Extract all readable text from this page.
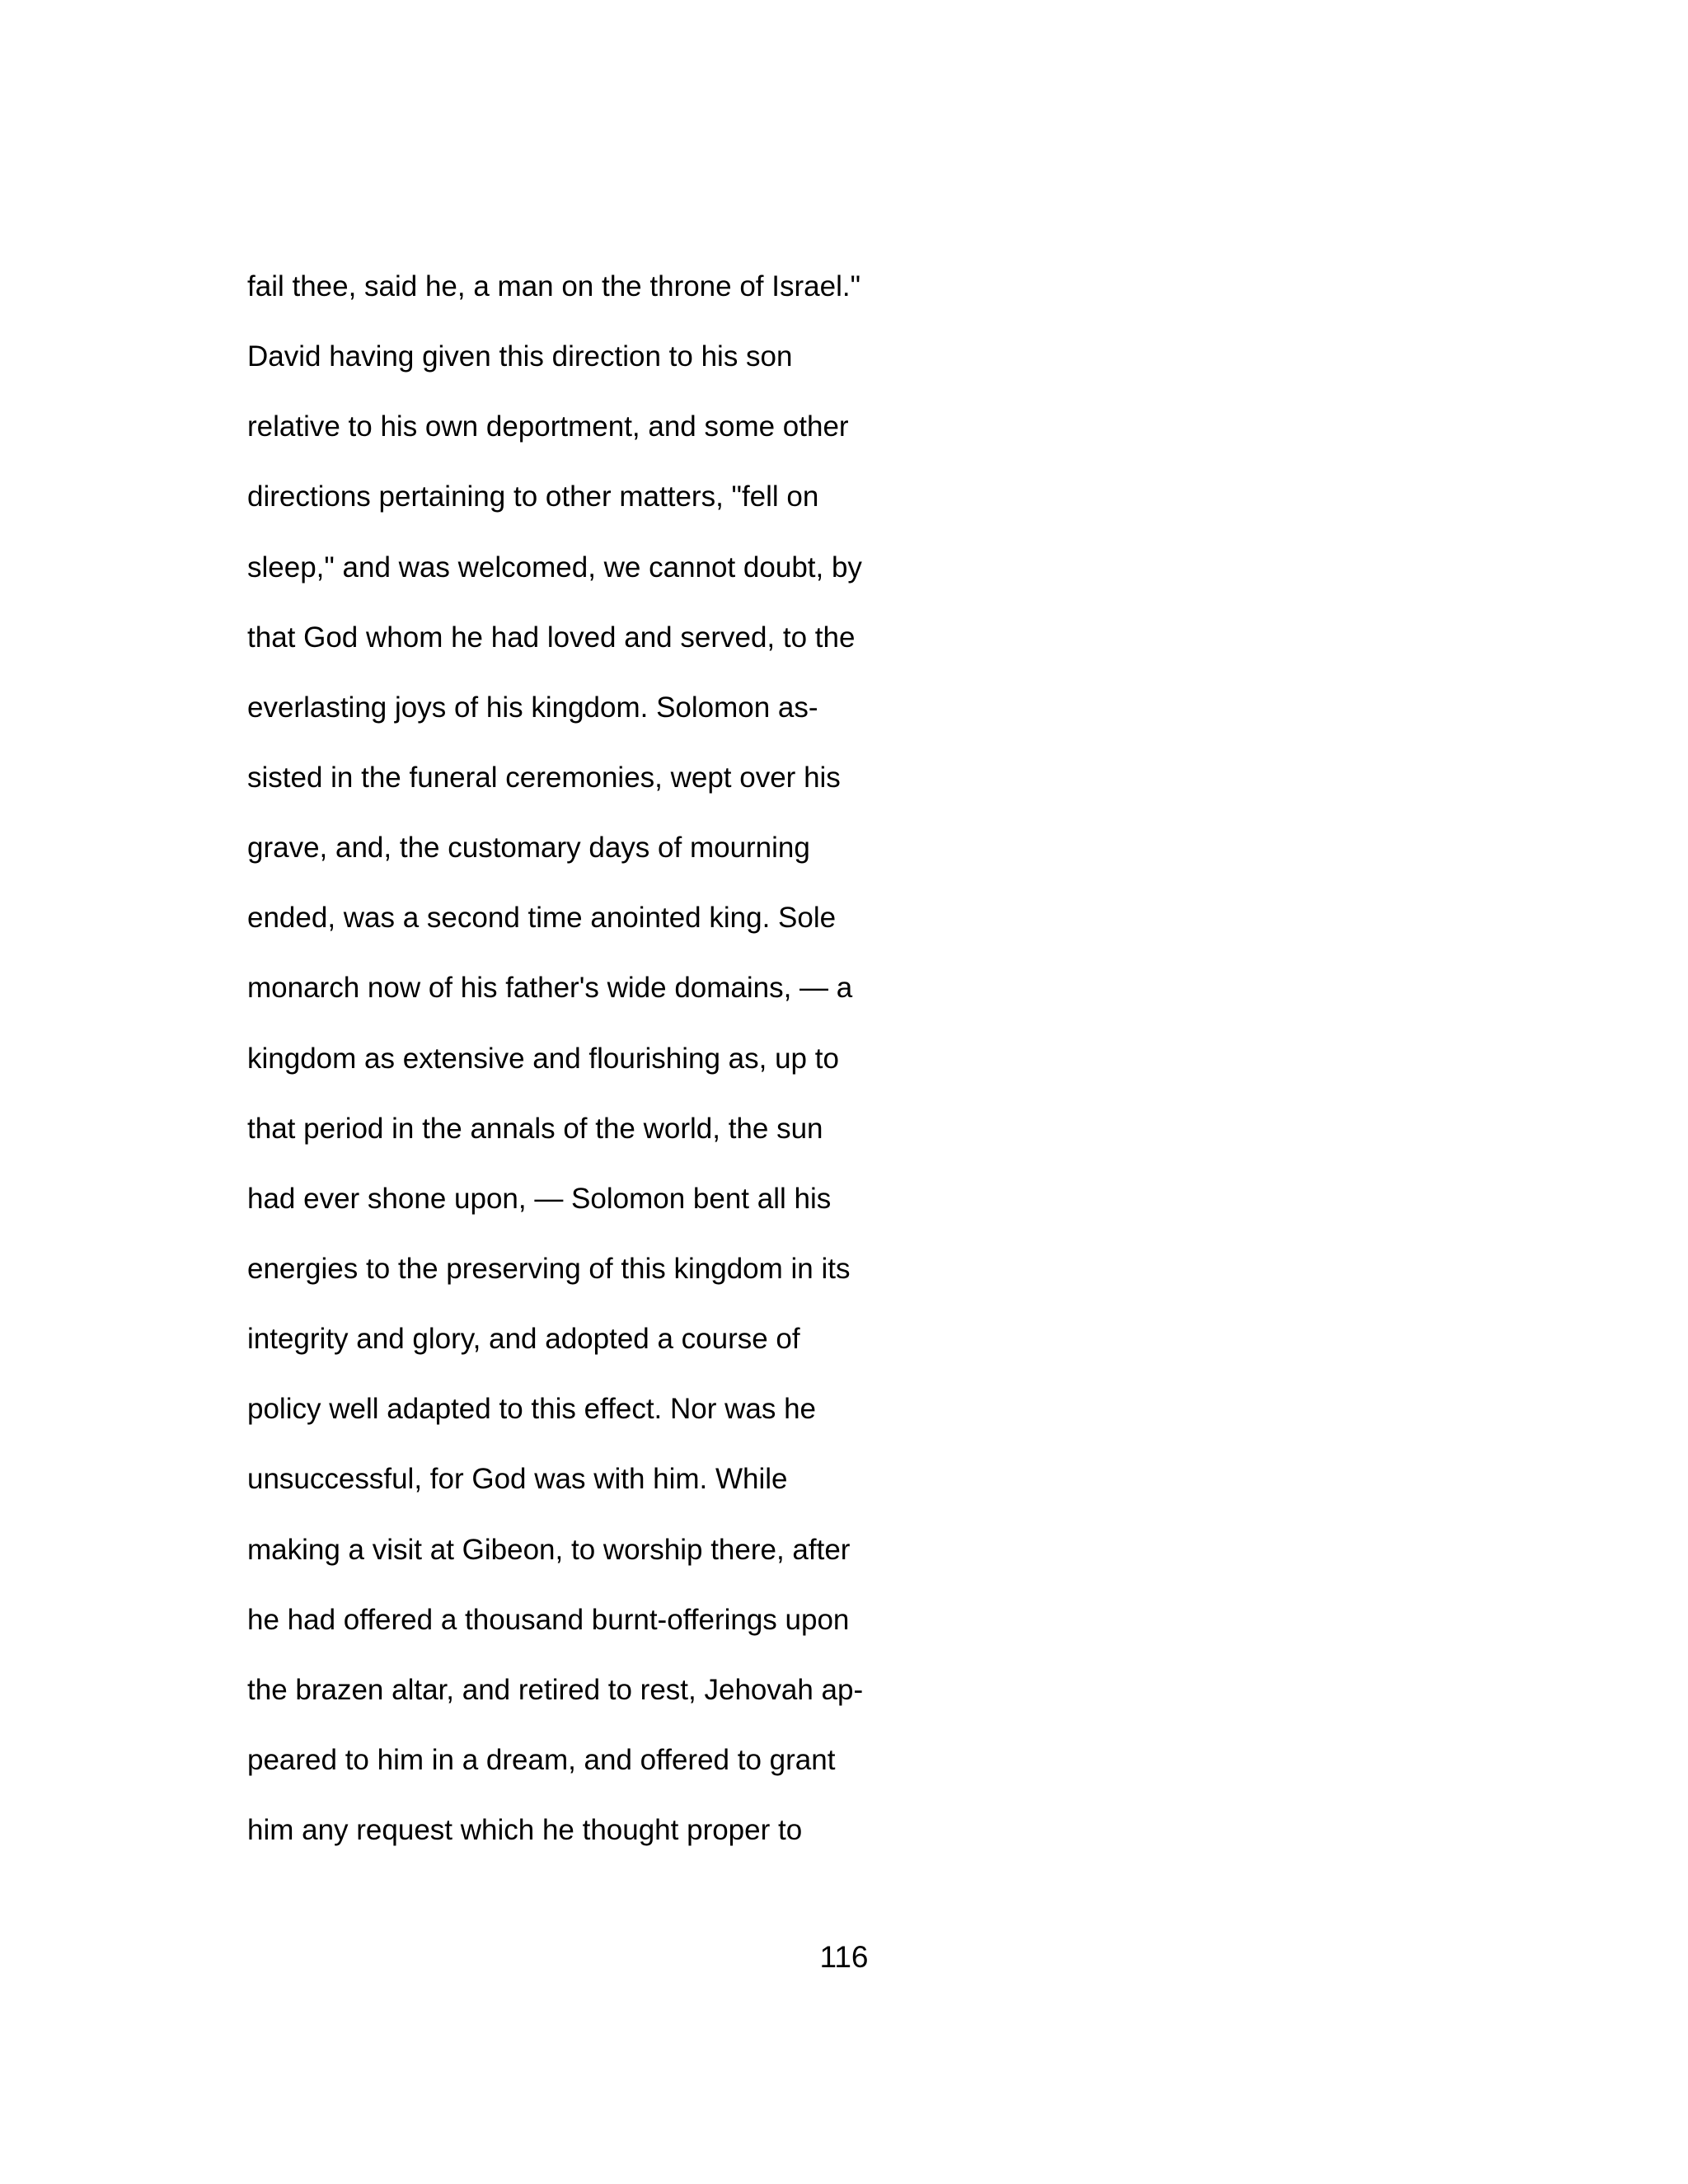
fail thee, said he, a man on the throne of Israel."
David having given this direction to his son
relative to his own deportment, and some other
directions pertaining to other matters, "fell on
sleep," and was welcomed, we cannot doubt, by
that God whom he had loved and served, to the
everlasting joys of his kingdom. Solomon as-
sisted in the funeral ceremonies, wept over his
grave, and, the customary days of mourning
ended, was a second time anointed king. Sole
monarch now of his father's wide domains, — a
kingdom as extensive and flourishing as, up to
that period in the annals of the world, the sun
had ever shone upon, — Solomon bent all his
energies to the preserving of this kingdom in its
integrity and glory, and adopted a course of
policy well adapted to this effect. Nor was he
unsuccessful, for God was with him. While
making a visit at Gibeon, to worship there, after
he had offered a thousand burnt-offerings upon
the brazen altar, and retired to rest, Jehovah ap-
peared to him in a dream, and offered to grant
him any request which he thought proper to
116
